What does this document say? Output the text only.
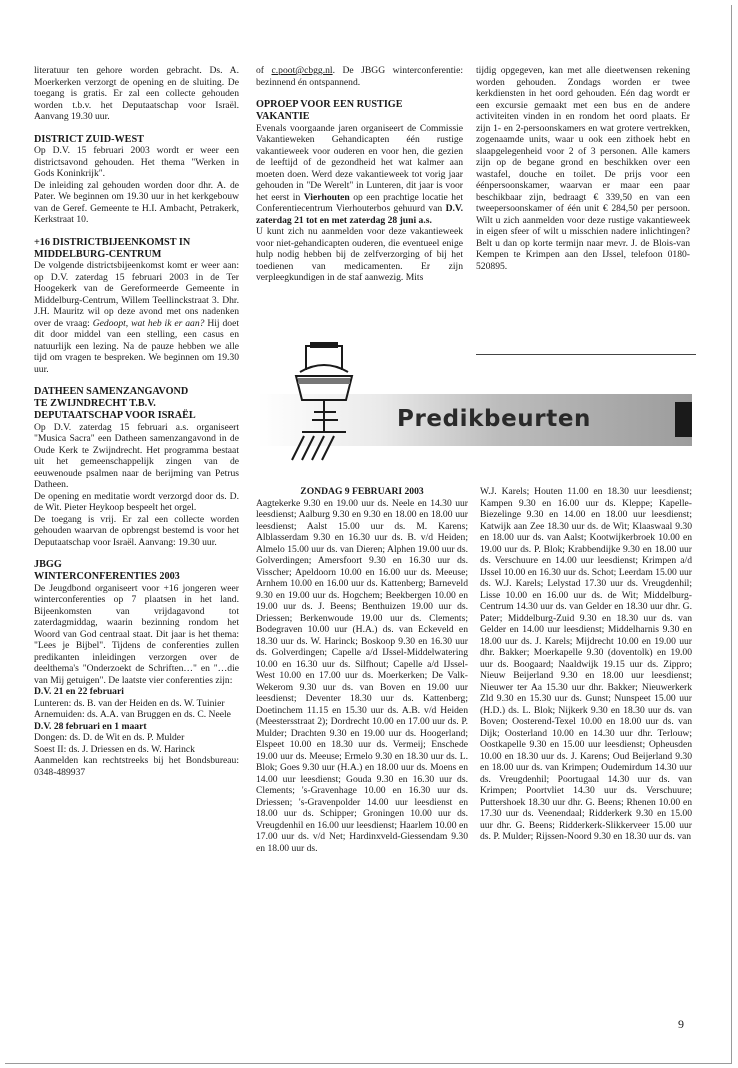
literatuur ten gehore worden gebracht. Ds. A. Moerkerken verzorgt de opening en de sluiting. De toegang is gratis. Er zal een collecte gehouden worden t.b.v. het Deputaatschap voor Israël. Aanvang 19.30 uur.

DISTRICT ZUID-WEST

Op D.V. 15 februari 2003 wordt er weer een districtsavond gehouden. Het thema "Werken in Gods Koninkrijk".

De inleiding zal gehouden worden door dhr. A. de Pater. We beginnen om 19.30 uur in het kerkgebouw van de Geref. Gemeente te H.I. Ambacht, Petrakerk, Kerkstraat 10.

+16 DISTRICTBIJEENKOMST IN
MIDDELBURG-CENTRUM

De volgende districtsbijeenkomst komt er weer aan: op D.V. zaterdag 15 februari 2003 in de Ter Hoogekerk van de Gereformeerde Gemeente in Middelburg-Centrum, Willem Teellinckstraat 3. Dhr. J.H. Mauritz wil op deze avond met ons nadenken over de vraag: Gedoopt, wat heb ik er aan? Hij doet dit door middel van een stelling, een casus en natuurlijk een lezing. Na de pauze hebben we alle tijd om vragen te bespreken. We beginnen om 19.30 uur.

DATHEEN SAMENZANGAVOND
TE ZWIJNDRECHT T.B.V.
DEPUTAATSCHAP VOOR ISRAËL

Op D.V. zaterdag 15 februari a.s. organiseert "Musica Sacra" een Datheen samenzangavond in de Oude Kerk te Zwijndrecht. Het programma bestaat uit het gemeenschappelijk zingen van de eeuwenoude psalmen naar de berijming van Petrus Datheen.

De opening en meditatie wordt verzorgd door ds. D. de Wit. Pieter Heykoop bespeelt het orgel.

De toegang is vrij. Er zal een collecte worden gehouden waarvan de opbrengst bestemd is voor het Deputaatschap voor Israël. Aanvang: 19.30 uur.

JBGG
WINTERCONFERENTIES 2003

De Jeugdbond organiseert voor +16 jongeren weer winterconferenties op 7 plaatsen in het land. Bijeenkomsten van vrijdagavond tot zaterdagmiddag, waarin bezinning rondom het Woord van God centraal staat. Dit jaar is het thema: "Lees je Bijbel". Tijdens de conferenties zullen predikanten inleidingen verzorgen over de deelthema's "Onderzoekt de Schriften…" en "…die van Mij getuigen". De laatste vier conferenties zijn:

D.V. 21 en 22 februari

Lunteren: ds. B. van der Heiden en ds. W. Tuinier

Arnemuiden: ds. A.A. van Bruggen en ds. C. Neele

D.V. 28 februari en 1 maart

Dongen: ds. D. de Wit en ds. P. Mulder

Soest II: ds. J. Driessen en ds. W. Harinck

Aanmelden kan rechtstreeks bij het Bondsbureau: 0348-489937

of c.poot@cbgg.nl. De JBGG winterconferentie: bezinnend én ontspannend.

OPROEP VOOR EEN RUSTIGE
VAKANTIE

Evenals voorgaande jaren organiseert de Commissie Vakantieweken Gehandicapten één rustige vakantieweek voor ouderen en voor hen, die gezien de leeftijd of de gezondheid het wat kalmer aan moeten doen. Werd deze vakantieweek tot vorig jaar gehouden in "De Werelt" in Lunteren, dit jaar is voor het eerst in Vierhouten op een prachtige locatie het Conferentiecentrum Vierhouterbos gehuurd van D.V. zaterdag 21 tot en met zaterdag 28 juni a.s.

U kunt zich nu aanmelden voor deze vakantieweek voor niet-gehandicapten ouderen, die eventueel enige hulp nodig hebben bij de zelfverzorging of bij het toedienen van medicamenten. Er zijn verpleegkundigen in de staf aanwezig. Mits

tijdig opgegeven, kan met alle dieetwensen rekening worden gehouden. Zondags worden er twee kerkdiensten in het oord gehouden. Eén dag wordt er een excursie gemaakt met een bus en de andere activiteiten vinden in en rondom het oord plaats. Er zijn 1- en 2-persoonskamers en wat grotere vertrekken, zogenaamde units, waar u ook een zithoek hebt en slaapgelegenheid voor 2 of 3 personen. Alle kamers zijn op de begane grond en beschikken over een wastafel, douche en toilet. De prijs voor een éénpersoonskamer, waarvan er maar een paar beschikbaar zijn, bedraagt € 339,50 en van een tweepersoonskamer of één unit € 284,50 per persoon. Wilt u zich aanmelden voor deze rustige vakantieweek in eigen sfeer of wilt u misschien nadere inlichtingen? Belt u dan op korte termijn naar mevr. J. de Blois-van Kempen te Krimpen aan den IJssel, telefoon 0180-520895.

Predikbeurten

ZONDAG 9 FEBRUARI 2003

Aagtekerke 9.30 en 19.00 uur ds. Neele en 14.30 uur leesdienst; Aalburg 9.30 en 9.30 en 18.00 en 18.00 uur leesdienst; Aalst 15.00 uur ds. M. Karens; Alblasserdam 9.30 en 16.30 uur ds. B. v/d Heiden; Almelo 15.00 uur ds. van Dieren; Alphen 19.00 uur ds. Golverdingen; Amersfoort 9.30 en 16.30 uur ds. Visscher; Apeldoorn 10.00 en 16.00 uur ds. Meeuse; Arnhem 10.00 en 16.00 uur ds. Kattenberg; Barneveld 9.30 en 19.00 uur ds. Hogchem; Beekbergen 10.00 en 19.00 uur ds. J. Beens; Benthuizen 19.00 uur ds. Driessen; Berkenwoude 19.00 uur ds. Clements; Bodegraven 10.00 uur (H.A.) ds. van Eckeveld en 18.30 uur ds. W. Harinck; Boskoop 9.30 en 16.30 uur ds. Golverdingen; Capelle a/d IJssel-Middelwatering 10.00 en 16.30 uur ds. Silfhout; Capelle a/d IJssel-West 10.00 en 17.00 uur ds. Moerkerken; De Valk-Wekerom 9.30 uur ds. van Boven en 19.00 uur leesdienst; Deventer 18.30 uur ds. Kattenberg; Doetinchem 11.15 en 15.30 uur ds. A.B. v/d Heiden (Meestersstraat 2); Dordrecht 10.00 en 17.00 uur ds. P. Mulder; Drachten 9.30 en 19.00 uur ds. Hoogerland; Elspeet 10.00 en 18.30 uur ds. Vermeij; Enschede 19.00 uur ds. Meeuse; Ermelo 9.30 en 18.30 uur ds. L. Blok; Goes 9.30 uur (H.A.) en 18.00 uur ds. Moens en 14.00 uur leesdienst; Gouda 9.30 en 16.30 uur ds. Clements; 's-Gravenhage 10.00 en 16.30 uur ds. Driessen; 's-Gravenpolder 14.00 uur leesdienst en 18.00 uur ds. Schipper; Groningen 10.00 uur ds. Vreugdenhil en 16.00 uur leesdienst; Haarlem 10.00 en 17.00 uur ds. v/d Net; Hardinxveld-Giessendam 9.30 en 18.00 uur ds.

W.J. Karels; Houten 11.00 en 18.30 uur leesdienst; Kampen 9.30 en 16.00 uur ds. Kleppe; Kapelle-Biezelinge 9.30 en 14.00 en 18.00 uur leesdienst; Katwijk aan Zee 18.30 uur ds. de Wit; Klaaswaal 9.30 en 18.00 uur ds. van Aalst; Kootwijkerbroek 10.00 en 19.00 uur ds. P. Blok; Krabbendijke 9.30 en 18.00 uur ds. Verschuure en 14.00 uur leesdienst; Krimpen a/d IJssel 10.00 en 16.30 uur ds. Schot; Leerdam 15.00 uur ds. W.J. Karels; Lelystad 17.30 uur ds. Vreugdenhil; Lisse 10.00 en 16.00 uur ds. de Wit; Middelburg-Centrum 14.30 uur ds. van Gelder en 18.30 uur dhr. G. Pater; Middelburg-Zuid 9.30 en 18.30 uur ds. van Gelder en 14.00 uur leesdienst; Middelharnis 9.30 en 18.00 uur ds. J. Karels; Mijdrecht 10.00 en 19.00 uur dhr. Bakker; Moerkapelle 9.30 (doventolk) en 19.00 uur ds. Boogaard; Naaldwijk 19.15 uur ds. Zippro; Nieuw Beijerland 9.30 en 18.00 uur leesdienst; Nieuwer ter Aa 15.30 uur dhr. Bakker; Nieuwerkerk Zld 9.30 en 15.30 uur ds. Gunst; Nunspeet 15.00 uur (H.D.) ds. L. Blok; Nijkerk 9.30 en 18.30 uur ds. van Boven; Oosterend-Texel 10.00 en 18.00 uur ds. van Dijk; Oosterland 10.00 en 14.30 uur dhr. Terlouw; Oostkapelle 9.30 en 15.00 uur leesdienst; Opheusden 10.00 en 18.30 uur ds. J. Karens; Oud Beijerland 9.30 en 18.00 uur ds. van Krimpen; Oudemirdum 14.30 uur ds. Vreugdenhil; Poortugaal 14.30 uur ds. van Krimpen; Poortvliet 14.30 uur ds. Verschuure; Puttershoek 18.30 uur dhr. G. Beens; Rhenen 10.00 en 17.30 uur ds. Veenendaal; Ridderkerk 9.30 en 15.00 uur dhr. G. Beens; Ridderkerk-Slikkerveer 15.00 uur ds. P. Mulder; Rijssen-Noord 9.30 en 18.30 uur ds. van

9
